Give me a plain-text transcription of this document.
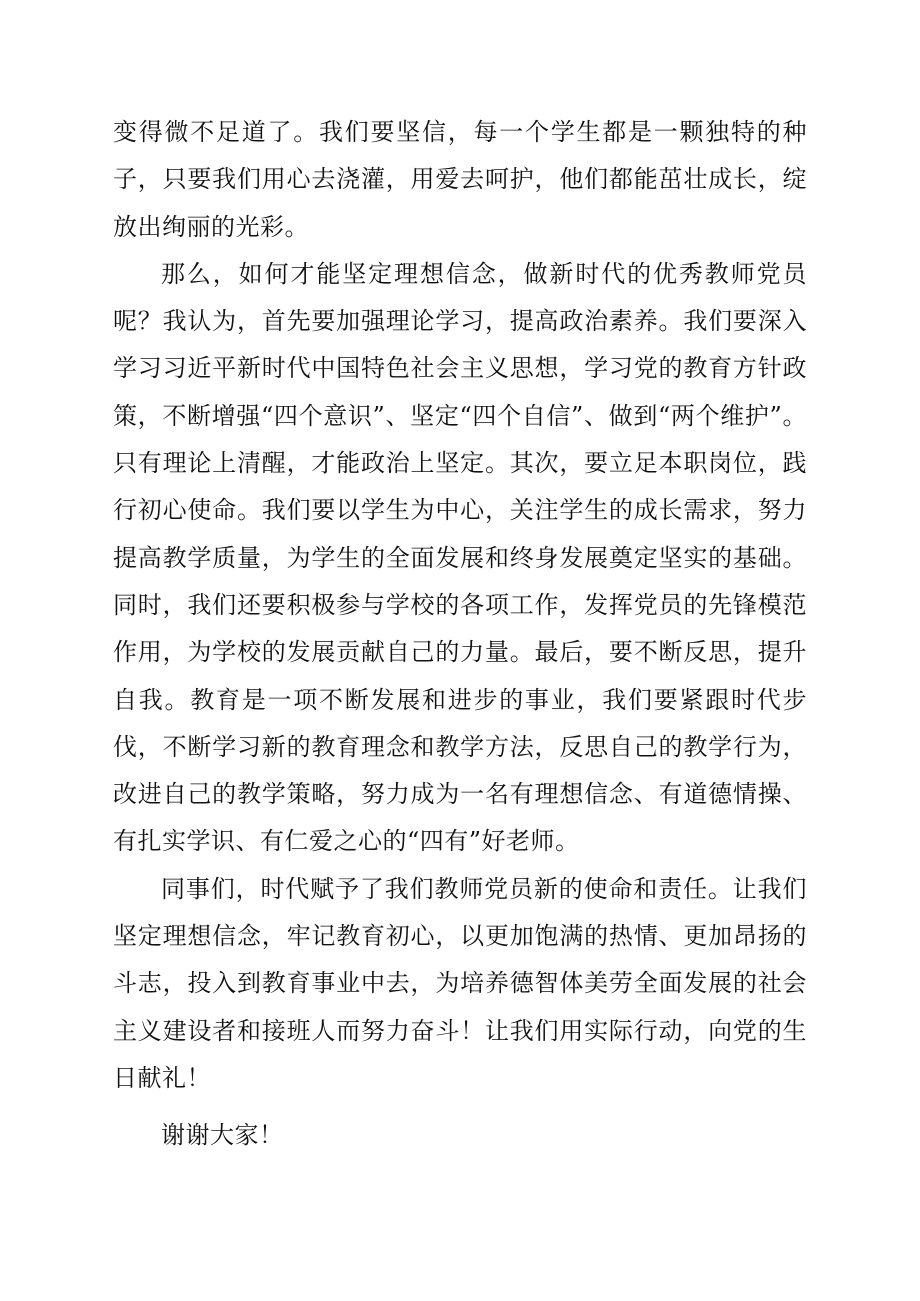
变得微不足道了。我们要坚信，每一个学生都是一颗独特的种子，只要我们用心去浇灌，用爱去呵护，他们都能茁壮成长，绽放出绚丽的光彩。

那么，如何才能坚定理想信念，做新时代的优秀教师党员呢？我认为，首先要加强理论学习，提高政治素养。我们要深入学习习近平新时代中国特色社会主义思想，学习党的教育方针政策，不断增强“四个意识”、坚定“四个自信”、做到“两个维护”。只有理论上清醒，才能政治上坚定。其次，要立足本职岗位，践行初心使命。我们要以学生为中心，关注学生的成长需求，努力提高教学质量，为学生的全面发展和终身发展奠定坚实的基础。同时，我们还要积极参与学校的各项工作，发挥党员的先锋模范作用，为学校的发展贡献自己的力量。最后，要不断反思，提升自我。教育是一项不断发展和进步的事业，我们要紧跟时代步伐，不断学习新的教育理念和教学方法，反思自己的教学行为，改进自己的教学策略，努力成为一名有理想信念、有道德情操、有扎实学识、有仁爱之心的“四有”好老师。

同事们，时代赋予了我们教师党员新的使命和责任。让我们坚定理想信念，牢记教育初心，以更加饱满的热情、更加昂扬的斗志，投入到教育事业中去，为培养德智体美劳全面发展的社会主义建设者和接班人而努力奋斗！让我们用实际行动，向党的生日献礼！

谢谢大家！
